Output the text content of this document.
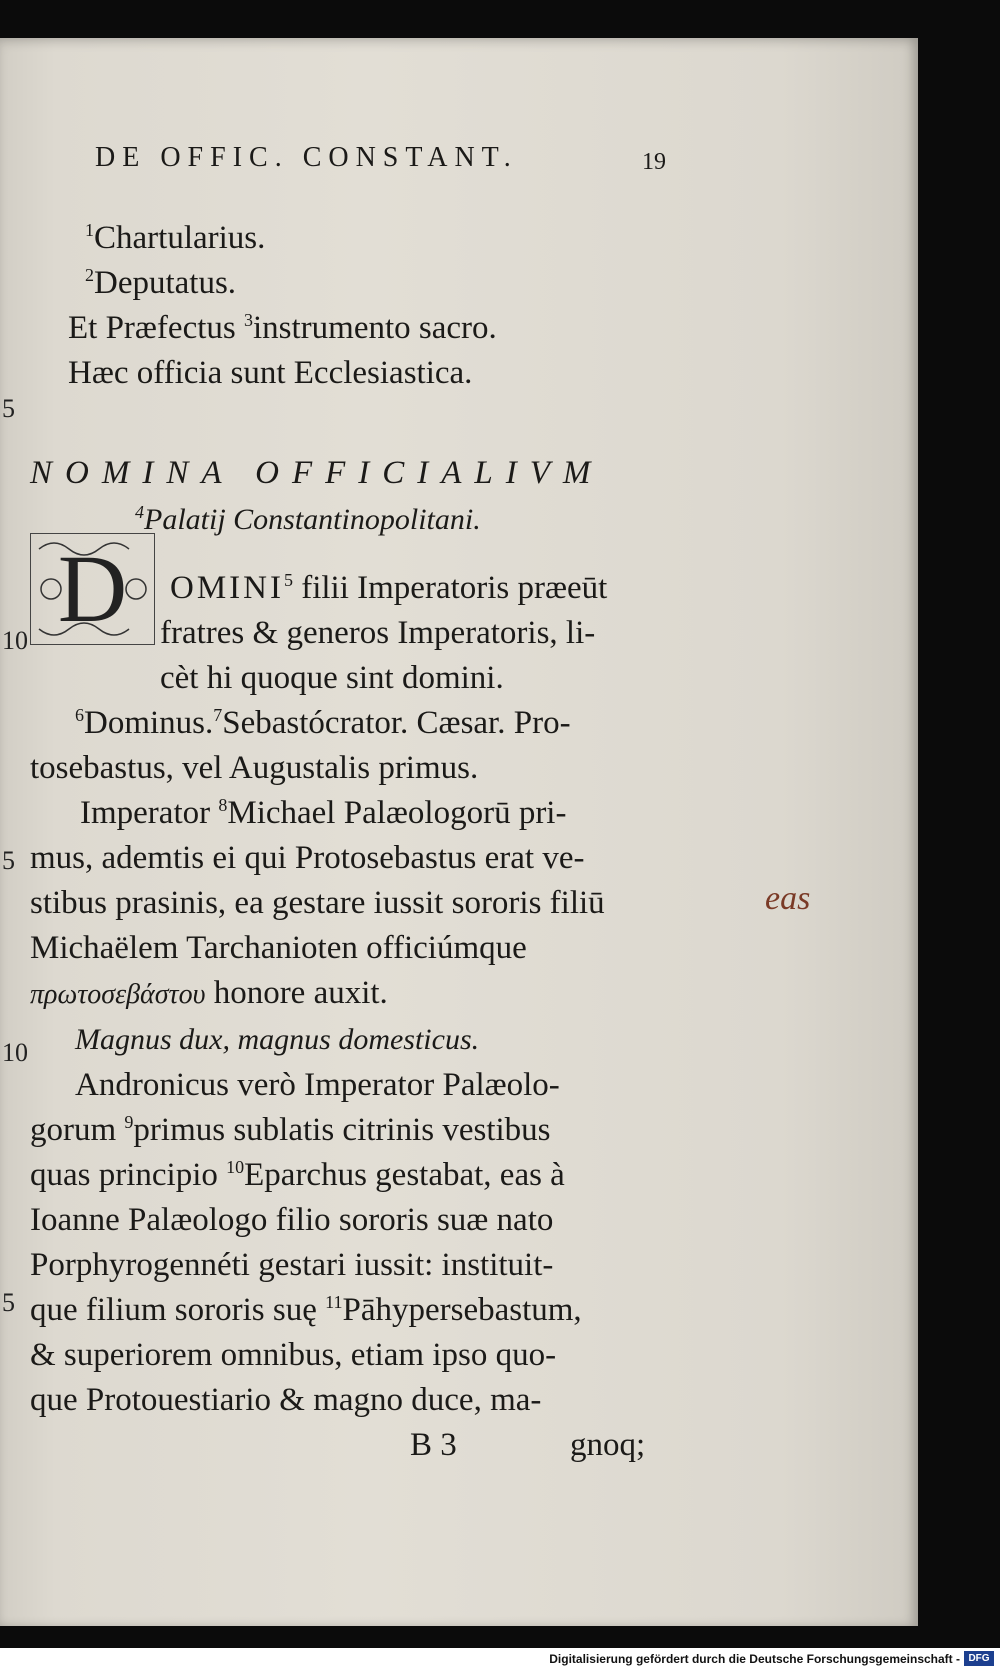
DE OFFIC. CONSTANT.	19
$^1$Chartularius.
$^2$Deputatus.
Et Præfectus $^3$instrumento sacro.
Hæc officia sunt Ecclesiastica.
NOMINA OFFICIALIVM
$^4$Palatij Constantinopolitani.
D OMINI$^5$ filii Imperatoris præeūt
fratres & generos Imperatoris, li-
cèt hi quoque sint domini.
$^6$Dominus.$^7$Sebastócrator. Cæsar. Pro-
tosebastus, vel Augustalis primus.
Imperator $^8$Michael Palæologorū pri-
mus, ademtis ei qui Protosebastus erat ve-
stibus prasinis, ea gestare iussit sororis filiū
Michaëlem Tarchanioten officiúmque
πρωτοσεβάστου honore auxit.
Magnus dux, magnus domesticus.
Andronicus verò Imperator Palæolo-
gorum $^9$primus sublatis citrinis vestibus
quas principio $^{10}$Eparchus gestabat, eas à
Ioanne Palæologo filio sororis suæ nato
Porphyrogennéti gestari iussit: instituit-
que filium sororis suę $^{11}$Pāhypersebastum,
& superiorem omnibus, etiam ipso quo-
que Protouestiario & magno duce, ma-
B 3	gnoq;
5
10
5
10
5
eas
Digitalisierung gefördert durch die Deutsche Forschungsgemeinschaft - DFG
